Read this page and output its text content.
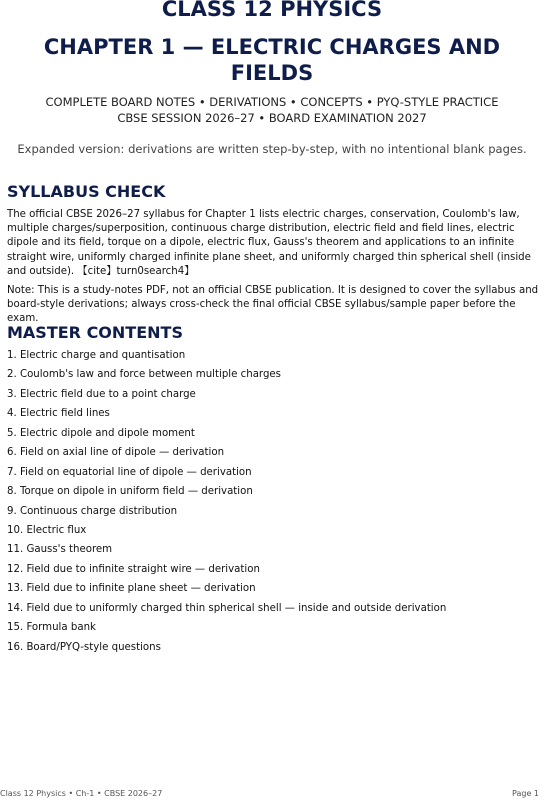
CLASS 12 PHYSICS
CHAPTER 1 — ELECTRIC CHARGES AND FIELDS
COMPLETE BOARD NOTES • DERIVATIONS • CONCEPTS • PYQ-STYLE PRACTICE
CBSE SESSION 2026–27 • BOARD EXAMINATION 2027
Expanded version: derivations are written step-by-step, with no intentional blank pages.
SYLLABUS CHECK

The official CBSE 2026–27 syllabus for Chapter 1 lists electric charges, conservation, Coulomb's law, multiple charges/superposition, continuous charge distribution, electric field and field lines, electric dipole and its field, torque on a dipole, electric flux, Gauss's theorem and applications to an infinite straight wire, uniformly charged infinite plane sheet, and uniformly charged thin spherical shell (inside and outside). 【cite】turn0search4】

Note: This is a study-notes PDF, not an official CBSE publication. It is designed to cover the syllabus and board-style derivations; always cross-check the final official CBSE syllabus/sample paper before the exam.

MASTER CONTENTS
1. Electric charge and quantisation
2. Coulomb's law and force between multiple charges
3. Electric field due to a point charge
4. Electric field lines
5. Electric dipole and dipole moment
6. Field on axial line of dipole — derivation
7. Field on equatorial line of dipole — derivation
8. Torque on dipole in uniform field — derivation
9. Continuous charge distribution
10. Electric flux
11. Gauss's theorem
12. Field due to infinite straight wire — derivation
13. Field due to infinite plane sheet — derivation
14. Field due to uniformly charged thin spherical shell — inside and outside derivation
15. Formula bank
16. Board/PYQ-style questions
Class 12 Physics • Ch-1 • CBSE 2026–27	Page 1
